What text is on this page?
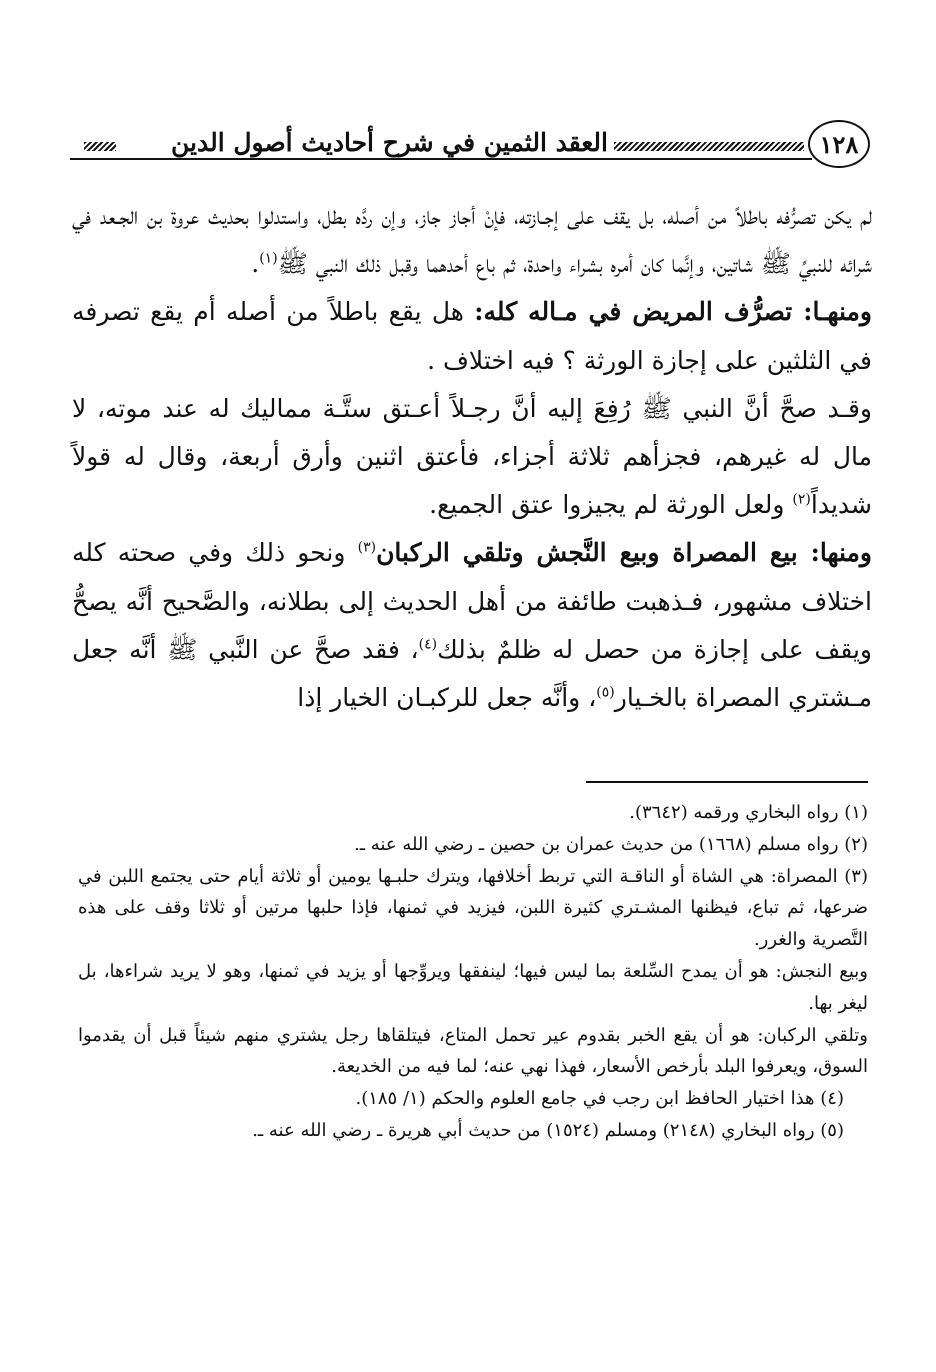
العقد الثمين في شرح أحاديث أصول الدين	١٢٨

لم يكن تصرُّفه باطلاً من أصله، بل يقف على إجـازته، فإنْ أجاز جاز، وإن ردَّه بطل، واستدلوا بحديث عروة بن الجـعد في شرائه للنبيِّ ﷺ شاتين، وإنَّما كان أمره بشراء واحدة، ثم باع أحدهما وقبل ذلك النبي ﷺ$^{(١)}$.

ومنهـا: تصرُّف المريض في مـاله كله: هل يقع باطلاً من أصله أم يقع تصرفه في الثلثين على إجازة الورثة ؟ فيه اختلاف .

وقـد صحَّ أنَّ النبي ﷺ رُفِعَ إليه أنَّ رجـلاً أعـتق ستَّـة مماليك له عند موته، لا مال له غيرهم، فجزأهم ثلاثة أجزاء، فأعتق اثنين وأرق أربعة، وقال له قولاً شديداً$^{(٢)}$ ولعل الورثة لم يجيزوا عتق الجميع.

ومنها: بيع المصراة وبيع النَّجش وتلقي الركبان$^{(٣)}$ ونحو ذلك وفي صحته كله اختلاف مشهور، فـذهبت طائفة من أهل الحديث إلى بطلانه، والصَّحيح أنَّه يصحُّ ويقف على إجازة من حصل له ظلمٌ بذلك$^{(٤)}$، فقد صحَّ عن النَّبي ﷺ أنَّه جعل مـشتري المصراة بالخـيار$^{(٥)}$، وأنَّه جعل للركبـان الخيار إذا

(١) رواه البخاري ورقمه (٣٦٤٢).

(٢) رواه مسلم (١٦٦٨) من حديث عمران بن حصين ـ رضي الله عنه ـ.

(٣) المصراة: هي الشاة أو الناقـة التي تربط أخلافها، ويترك حلبـها يومين أو ثلاثة أيام حتى يجتمع اللبن في ضرعها، ثم تباع، فيظنها المشـتري كثيرة اللبن، فيزيد في ثمنها، فإذا حلبها مرتين أو ثلاثا وقف على هذه التَّصرية والغرر.

وبيع النجش: هو أن يمدح السِّلعة بما ليس فيها؛ لينفقها ويروِّجها أو يزيد في ثمنها، وهو لا يريد شراءها، بل ليغر بها.

وتلقي الركبان: هو أن يقع الخبر بقدوم عير تحمل المتاع، فيتلقاها رجل يشتري منهم شيئاً قبل أن يقدموا السوق، ويعرفوا البلد بأرخص الأسعار، فهذا نهي عنه؛ لما فيه من الخديعة.

(٤) هذا اختيار الحافظ ابن رجب في جامع العلوم والحكم (١/ ١٨٥).

(٥) رواه البخاري (٢١٤٨) ومسلم (١٥٢٤) من حديث أبي هريرة ـ رضي الله عنه ـ.
